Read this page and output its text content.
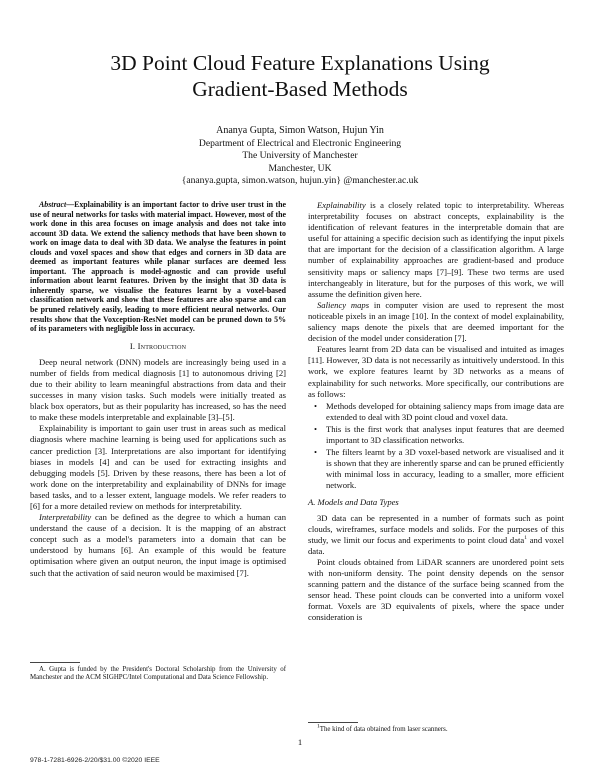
3D Point Cloud Feature Explanations Using
Gradient-Based Methods
Ananya Gupta, Simon Watson, Hujun Yin
Department of Electrical and Electronic Engineering
The University of Manchester
Manchester, UK
{ananya.gupta, simon.watson, hujun.yin} @manchester.ac.uk

Abstract—Explainability is an important factor to drive user trust in the use of neural networks for tasks with material impact. However, most of the work done in this area focuses on image analysis and does not take into account 3D data. We extend the saliency methods that have been shown to work on image data to deal with 3D data. We analyse the features in point clouds and voxel spaces and show that edges and corners in 3D data are deemed as important features while planar surfaces are deemed less important. The approach is model-agnostic and can provide useful information about learnt features. Driven by the insight that 3D data is inherently sparse, we visualise the features learnt by a voxel-based classification network and show that these features are also sparse and can be pruned relatively easily, leading to more efficient neural networks. Our results show that the Voxception-ResNet model can be pruned down to 5% of its parameters with negligible loss in accuracy.

I. Introduction

Deep neural network (DNN) models are increasingly being used in a number of fields from medical diagnosis [1] to autonomous driving [2] due to their ability to learn meaningful abstractions from data and their successes in many vision tasks. Such models were initially treated as black box operators, but as their popularity has increased, so has the need to make these models interpretable and explainable [3]–[5].

Explainability is important to gain user trust in areas such as medical diagnosis where machine learning is being used for applications such as cancer prediction [3]. Interpretations are also important for identifying biases in models [4] and can be used for extracting insights and debugging models [5]. Driven by these reasons, there has been a lot of work done on the interpretability and explainability of DNNs for image based tasks, and to a lesser extent, language models. We refer readers to [6] for a more detailed review on methods for interpretability.

Interpretability can be defined as the degree to which a human can understand the cause of a decision. It is the mapping of an abstract concept such as a model's parameters into a domain that can be understood by humans [6]. An example of this would be feature optimisation where given an output neuron, the input image is optimised such that the activation of said neuron would be maximised [7].

A. Gupta is funded by the President's Doctoral Scholarship from the University of Manchester and the ACM SIGHPC/Intel Computational and Data Science Fellowship.

Explainability is a closely related topic to interpretability. Whereas interpretability focuses on abstract concepts, explainability is the identification of relevant features in the interpretable domain that are useful for attaining a specific decision such as identifying the input pixels that are important for the decision of a classification algorithm. A large number of explainability approaches are gradient-based and produce sensitivity maps or saliency maps [7]–[9]. These two terms are used interchangeably in literature, but for the purposes of this work, we will assume the definition given here.

Saliency maps in computer vision are used to represent the most noticeable pixels in an image [10]. In the context of model explainability, saliency maps denote the pixels that are deemed important for the decision of the model under consideration [7].

Features learnt from 2D data can be visualised and intuited as images [11]. However, 3D data is not necessarily as intuitively understood. In this work, we explore features learnt by 3D networks as a means of explainability for such networks. More specifically, our contributions are as follows:

• Methods developed for obtaining saliency maps from image data are extended to deal with 3D point cloud and voxel data.
• This is the first work that analyses input features that are deemed important to 3D classification networks.
• The filters learnt by a 3D voxel-based network are visualised and it is shown that they are inherently sparse and can be pruned efficiently with minimal loss in accuracy, leading to a smaller, more efficient network.
A. Models and Data Types

3D data can be represented in a number of formats such as point clouds, wireframes, surface models and solids. For the purposes of this study, we limit our focus and experiments to point cloud data$^1$ and voxel data.

Point clouds obtained from LiDAR scanners are unordered point sets with non-uniform density. The point density depends on the sensor scanning pattern and the distance of the surface being scanned from the sensor head. These point clouds can be converted into a uniform voxel format. Voxels are 3D equivalents of pixels, where the space under consideration is

$^1$The kind of data obtained from laser scanners.

1
978-1-7281-6926-2/20/$31.00 ©2020 IEEE
